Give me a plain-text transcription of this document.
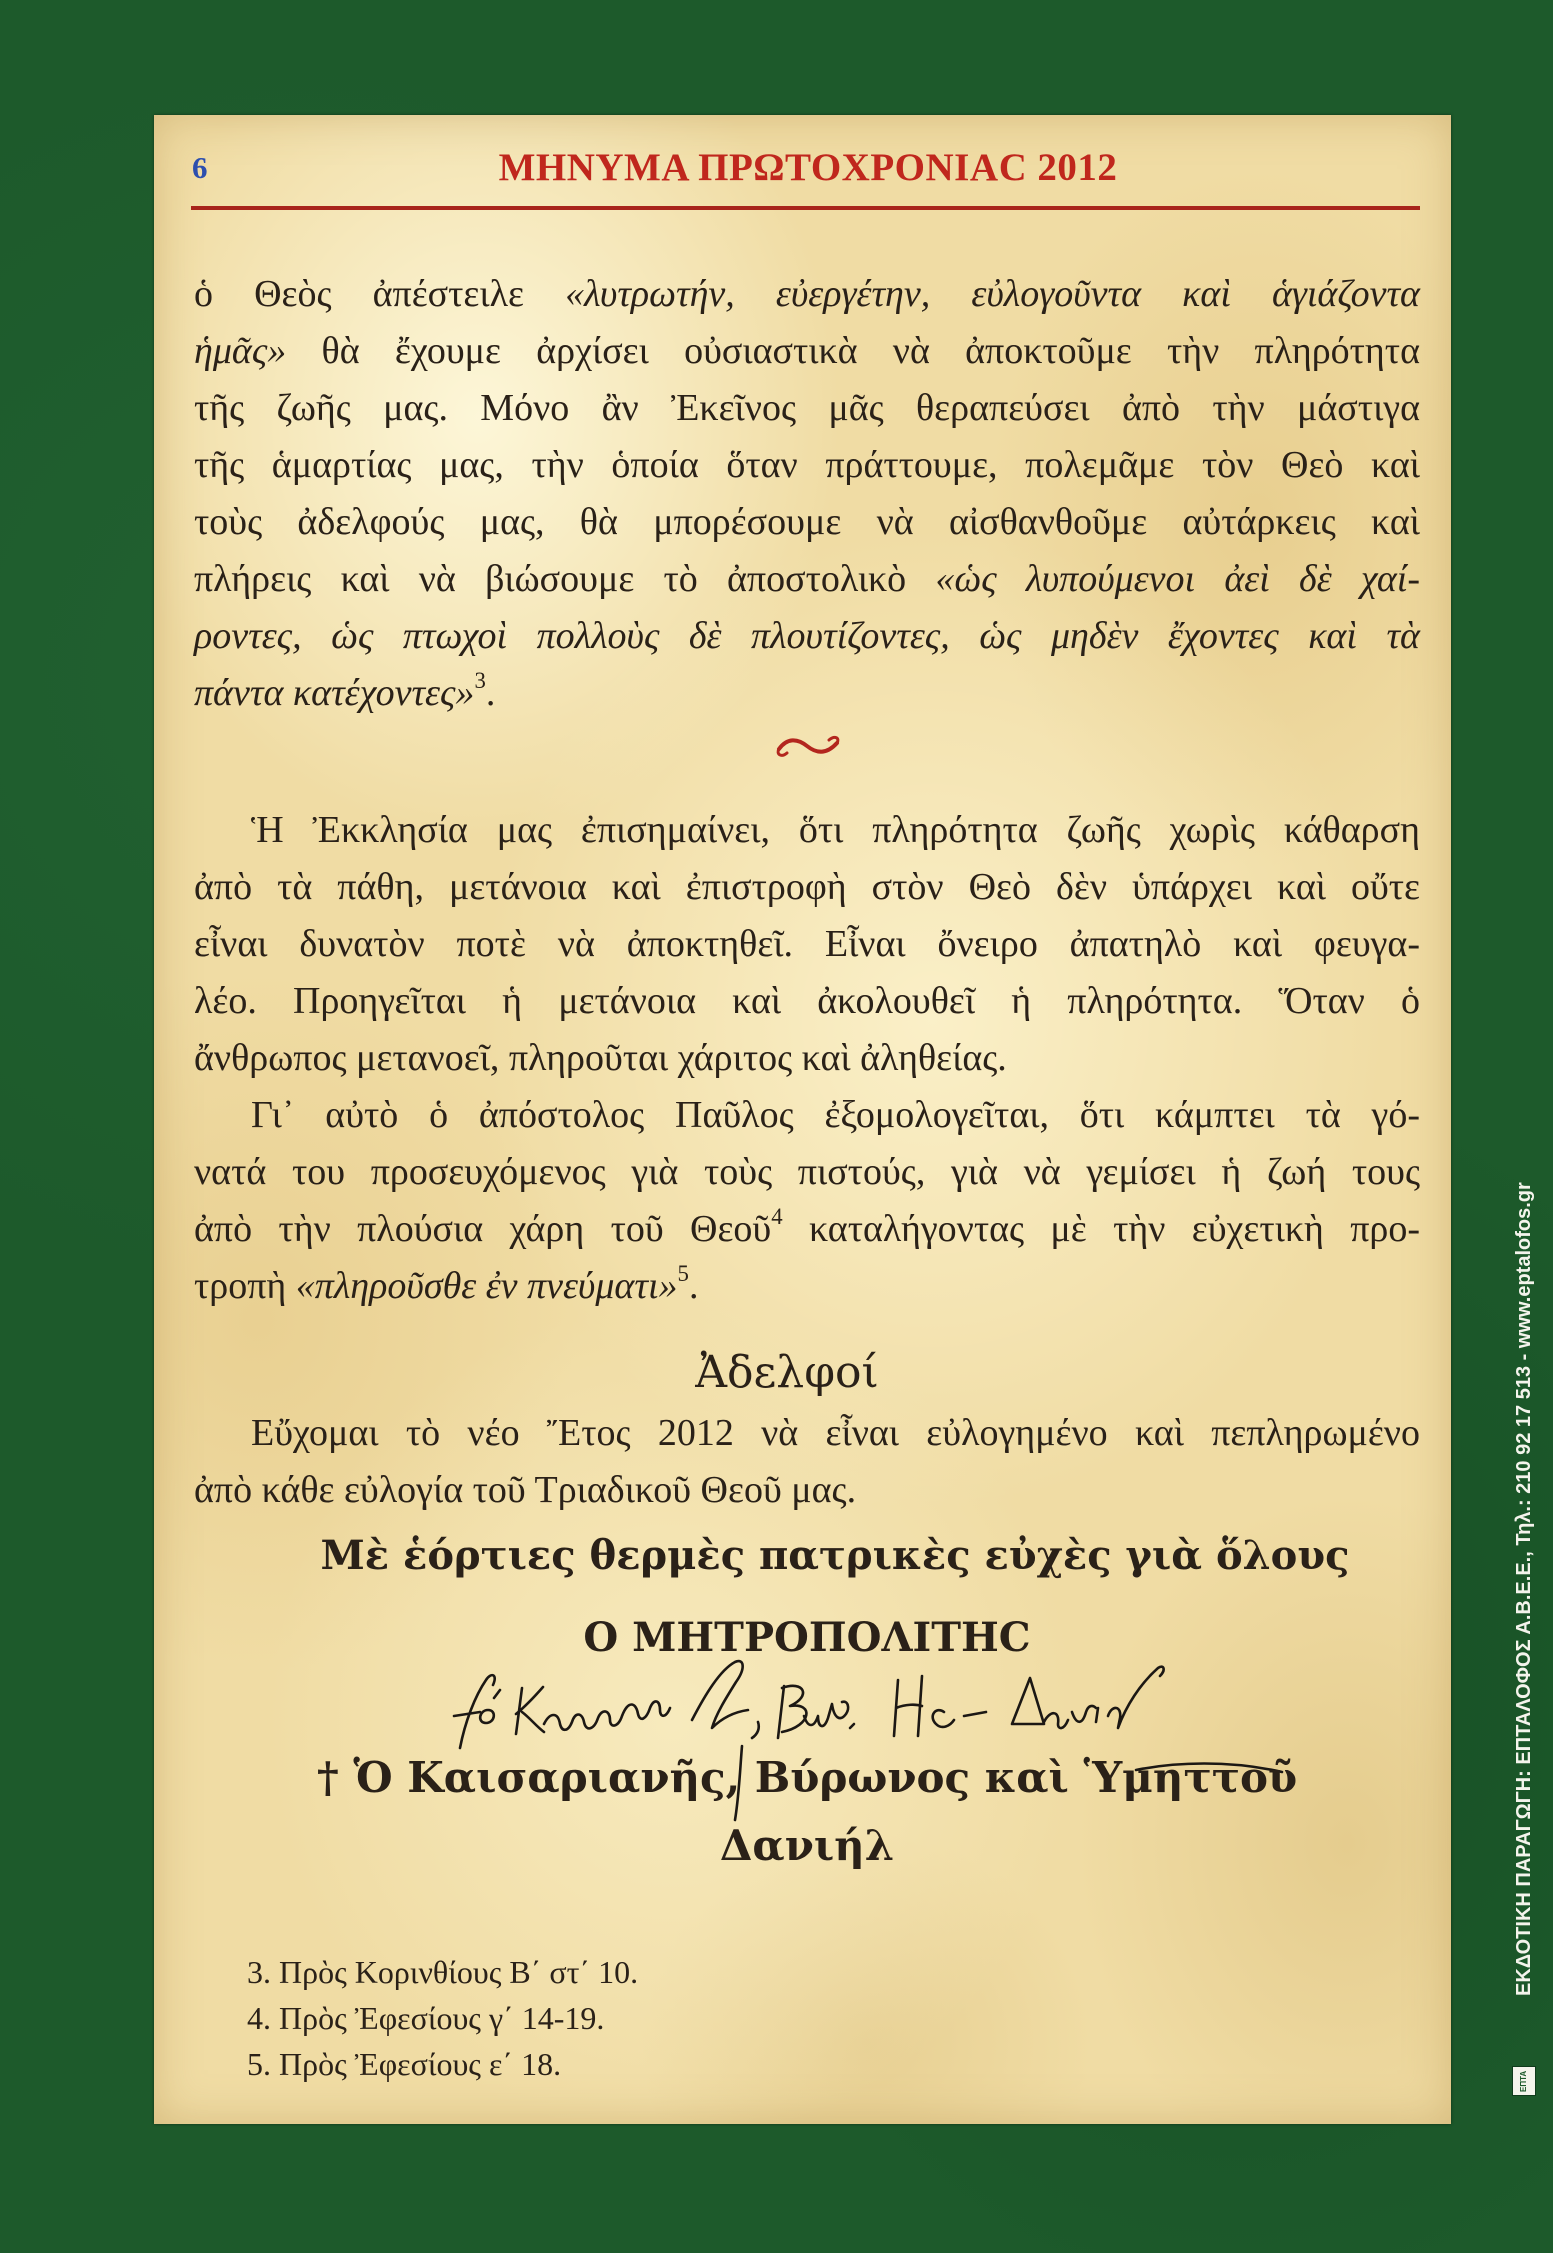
6	ΜΗΝΥΜΑ ΠΡΩΤΟΧΡΟΝΙΑϹ 2012
ὁ Θεὸς ἀπέστειλε «λυτρωτήν, εὐεργέτην, εὐλογοῦντα καὶ ἁγιάζοντα
ἡμᾶς» θὰ ἔχουμε ἀρχίσει οὐσιαστικὰ νὰ ἀποκτοῦμε τὴν πληρότητα
τῆς ζωῆς μας. Μόνο ἂν Ἐκεῖνος μᾶς θεραπεύσει ἀπὸ τὴν μάστιγα
τῆς ἁμαρτίας μας, τὴν ὁποία ὅταν πράττουμε, πολεμᾶμε τὸν Θεὸ καὶ
τοὺς ἀδελφούς μας, θὰ μπορέσουμε νὰ αἰσθανθοῦμε αὐτάρκεις καὶ
πλήρεις καὶ νὰ βιώσουμε τὸ ἀποστολικὸ «ὡς λυπούμενοι ἀεὶ δὲ χαί-
ροντες, ὡς πτωχοὶ πολλοὺς δὲ πλουτίζοντες, ὡς μηδὲν ἔχοντες καὶ τὰ
πάντα κατέχοντες»$^3$.
Ἡ Ἐκκλησία μας ἐπισημαίνει, ὅτι πληρότητα ζωῆς χωρὶς κάθαρση
ἀπὸ τὰ πάθη, μετάνοια καὶ ἐπιστροφὴ στὸν Θεὸ δὲν ὑπάρχει καὶ οὔτε
εἶναι δυνατὸν ποτὲ νὰ ἀποκτηθεῖ. Εἶναι ὄνειρο ἀπατηλὸ καὶ φευγα-
λέο. Προηγεῖται ἡ μετάνοια καὶ ἀκολουθεῖ ἡ πληρότητα. Ὅταν ὁ
ἄνθρωπος μετανοεῖ, πληροῦται χάριτος καὶ ἀληθείας.
Γι᾽ αὐτὸ ὁ ἀπόστολος Παῦλος ἐξομολογεῖται, ὅτι κάμπτει τὰ γό-
νατά του προσευχόμενος γιὰ τοὺς πιστούς, γιὰ νὰ γεμίσει ἡ ζωή τους
ἀπὸ τὴν πλούσια χάρη τοῦ Θεοῦ$^4$ καταλήγοντας μὲ τὴν εὐχετικὴ προ-
τροπὴ «πληροῦσθε ἐν πνεύματι»$^5$.
Ἀδελφοί
Εὔχομαι τὸ νέο Ἔτος 2012 νὰ εἶναι εὐλογημένο καὶ πεπληρωμένο
ἀπὸ κάθε εὐλογία τοῦ Τριαδικοῦ Θεοῦ μας.
Μὲ ἑόρτιες θερμὲς πατρικὲς εὐχὲς γιὰ ὅλους
Ο ΜΗΤΡΟΠΟΛΙΤΗϹ
† Ὁ Καισαριανῆς, Βύρωνος καὶ Ὑμηττοῦ
Δανιήλ
3. Πρὸς Κορινθίους Β΄ στ΄ 10.
4. Πρὸς Ἐφεσίους γ΄ 14-19.
5. Πρὸς Ἐφεσίους ε΄ 18.
ΕΚΔΟΤΙΚΗ ΠΑΡΑΓΩΓΗ: ΕΠΤΑΛΟΦΟΣ Α.Β.Ε.Ε., Τηλ.: 210 92 17 513 - www.eptalofos.gr
ΕΠΤΑ
